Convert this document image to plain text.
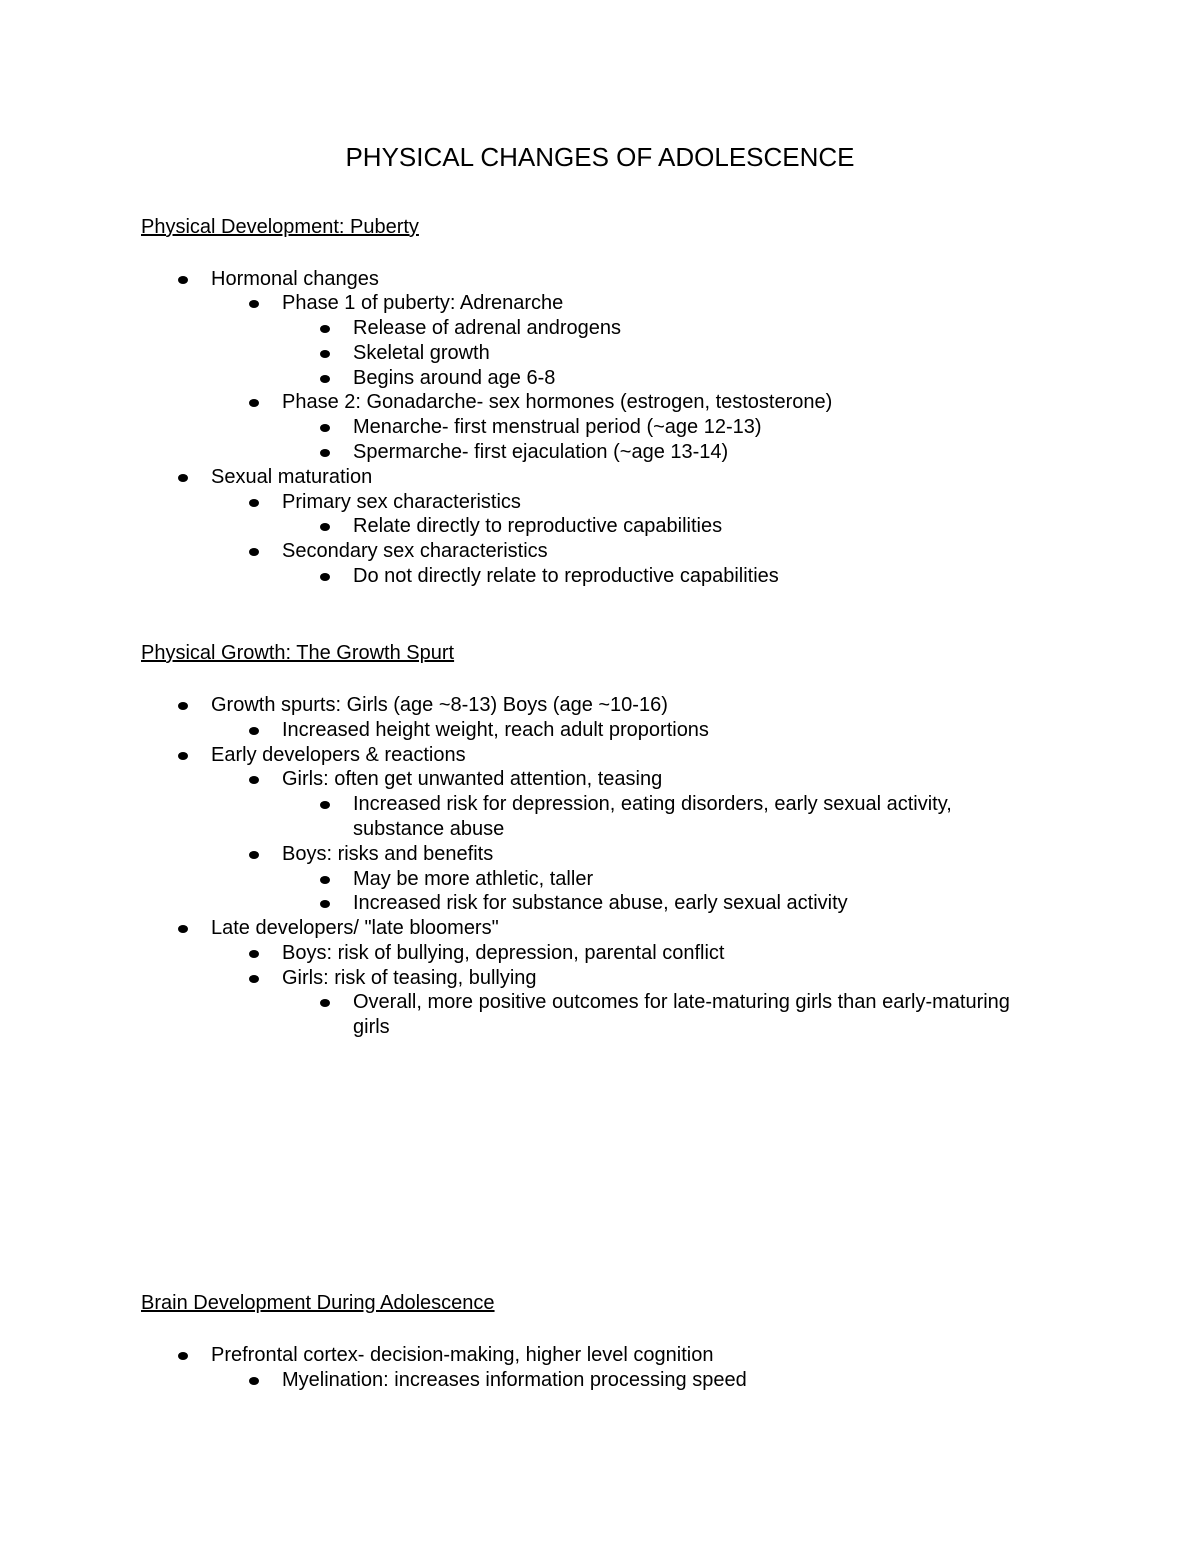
PHYSICAL CHANGES OF ADOLESCENCE
Physical Development: Puberty
Hormonal changes
Phase 1 of puberty: Adrenarche
Release of adrenal androgens
Skeletal growth
Begins around age 6-8
Phase 2: Gonadarche- sex hormones (estrogen, testosterone)
Menarche- first menstrual period (~age 12-13)
Spermarche- first ejaculation (~age 13-14)
Sexual maturation
Primary sex characteristics
Relate directly to reproductive capabilities
Secondary sex characteristics
Do not directly relate to reproductive capabilities
Physical Growth: The Growth Spurt
Growth spurts: Girls (age ~8-13) Boys (age ~10-16)
Increased height weight, reach adult proportions
Early developers & reactions
Girls: often get unwanted attention, teasing
Increased risk for depression, eating disorders, early sexual activity, substance abuse
Boys: risks and benefits
May be more athletic, taller
Increased risk for substance abuse, early sexual activity
Late developers/ "late bloomers"
Boys: risk of bullying, depression, parental conflict
Girls: risk of teasing, bullying
Overall, more positive outcomes for late-maturing girls than early-maturing girls
Brain Development During Adolescence
Prefrontal cortex- decision-making, higher level cognition
Myelination: increases information processing speed
